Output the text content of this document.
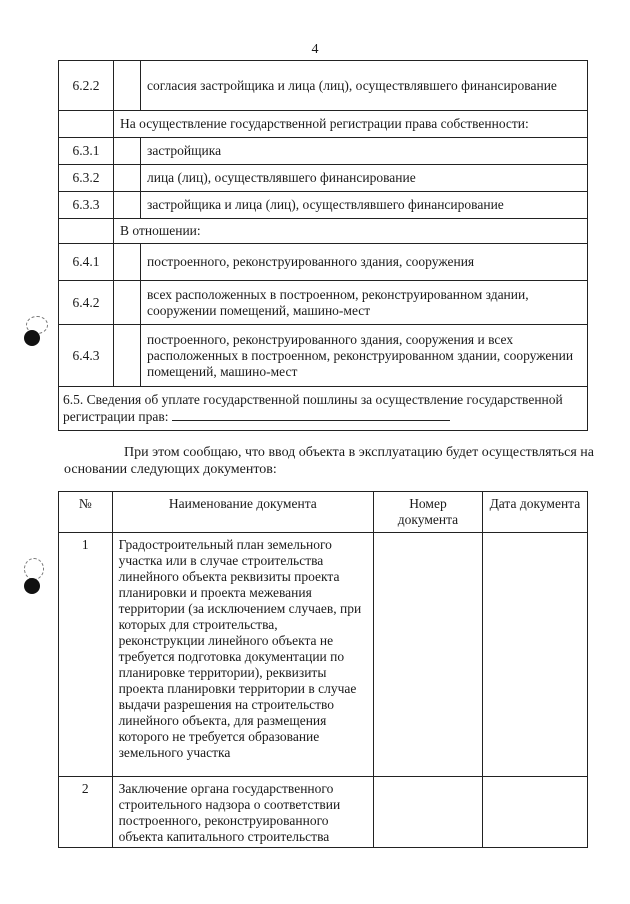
4
6.2.2		согласия застройщика и лица (лиц), осуществлявшего финансирование
	На осуществление государственной регистрации права собственности:	
6.3.1		застройщика
6.3.2		лица (лиц), осуществлявшего финансирование
6.3.3		застройщика и лица (лиц), осуществлявшего финансирование
	В отношении:	
6.4.1		построенного, реконструированного здания, сооружения
6.4.2		всех расположенных в построенном, реконструированном здании, сооружении помещений, машино-мест
6.4.3		построенного, реконструированного здания, сооружения и всех расположенных в построенном, реконструированном здании, сооружении помещений, машино-мест
6.5. Сведения об уплате государственной пошлины за осуществление государственной регистрации прав:		
При этом сообщаю, что ввод объекта в эксплуатацию будет осуществляться на основании следующих документов:
№	Наименование документа	Номер документа	Дата документа
1	Градостроительный план земельного участка или в случае строительства линейного объекта реквизиты проекта планировки и проекта межевания территории (за исключением случаев, при которых для строительства, реконструкции линейного объекта не требуется подготовка документации по планировке территории), реквизиты проекта планировки территории в случае выдачи разрешения на строительство линейного объекта, для размещения которого не требуется образование земельного участка		
2	Заключение органа государственного строительного надзора о соответствии построенного, реконструированного объекта капитального строительства		
